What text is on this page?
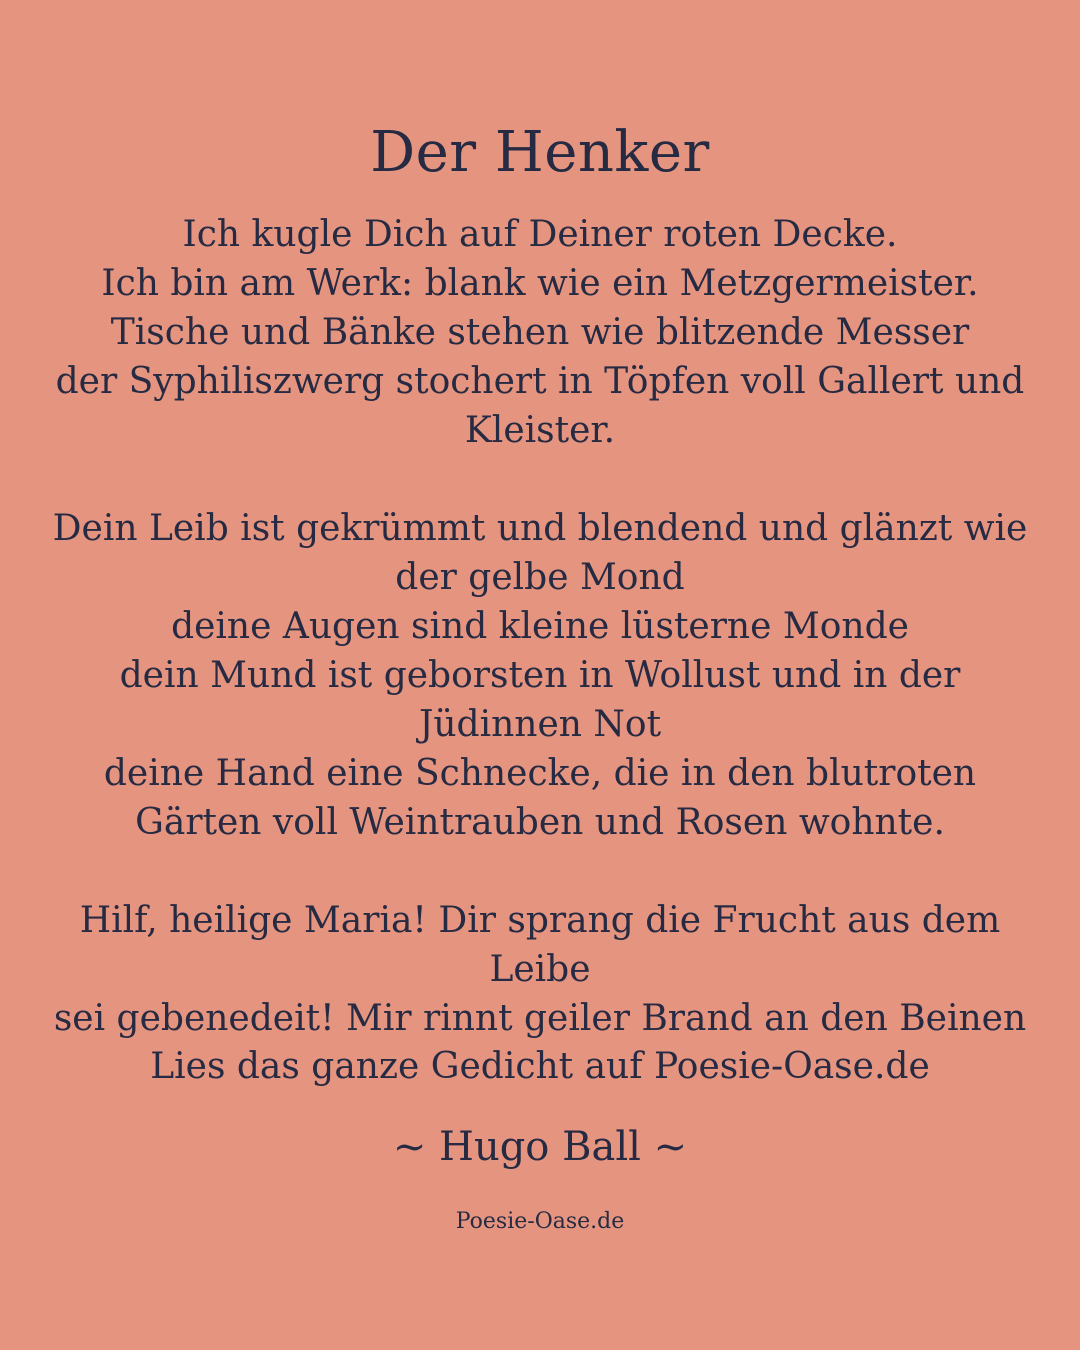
Der Henker

Ich kugle Dich auf Deiner roten Decke.
Ich bin am Werk: blank wie ein Metzgermeister.
Tische und Bänke stehen wie blitzende Messer
der Syphiliszwerg stochert in Töpfen voll Gallert und Kleister.

Dein Leib ist gekrümmt und blendend und glänzt wie der gelbe Mond
deine Augen sind kleine lüsterne Monde
dein Mund ist geborsten in Wollust und in der Jüdinnen Not
deine Hand eine Schnecke, die in den blutroten Gärten voll Weintrauben und Rosen wohnte.

Hilf, heilige Maria! Dir sprang die Frucht aus dem Leibe
sei gebenedeit! Mir rinnt geiler Brand an den Beinen

Lies das ganze Gedicht auf Poesie-Oase.de

~ Hugo Ball ~

Poesie-Oase.de
